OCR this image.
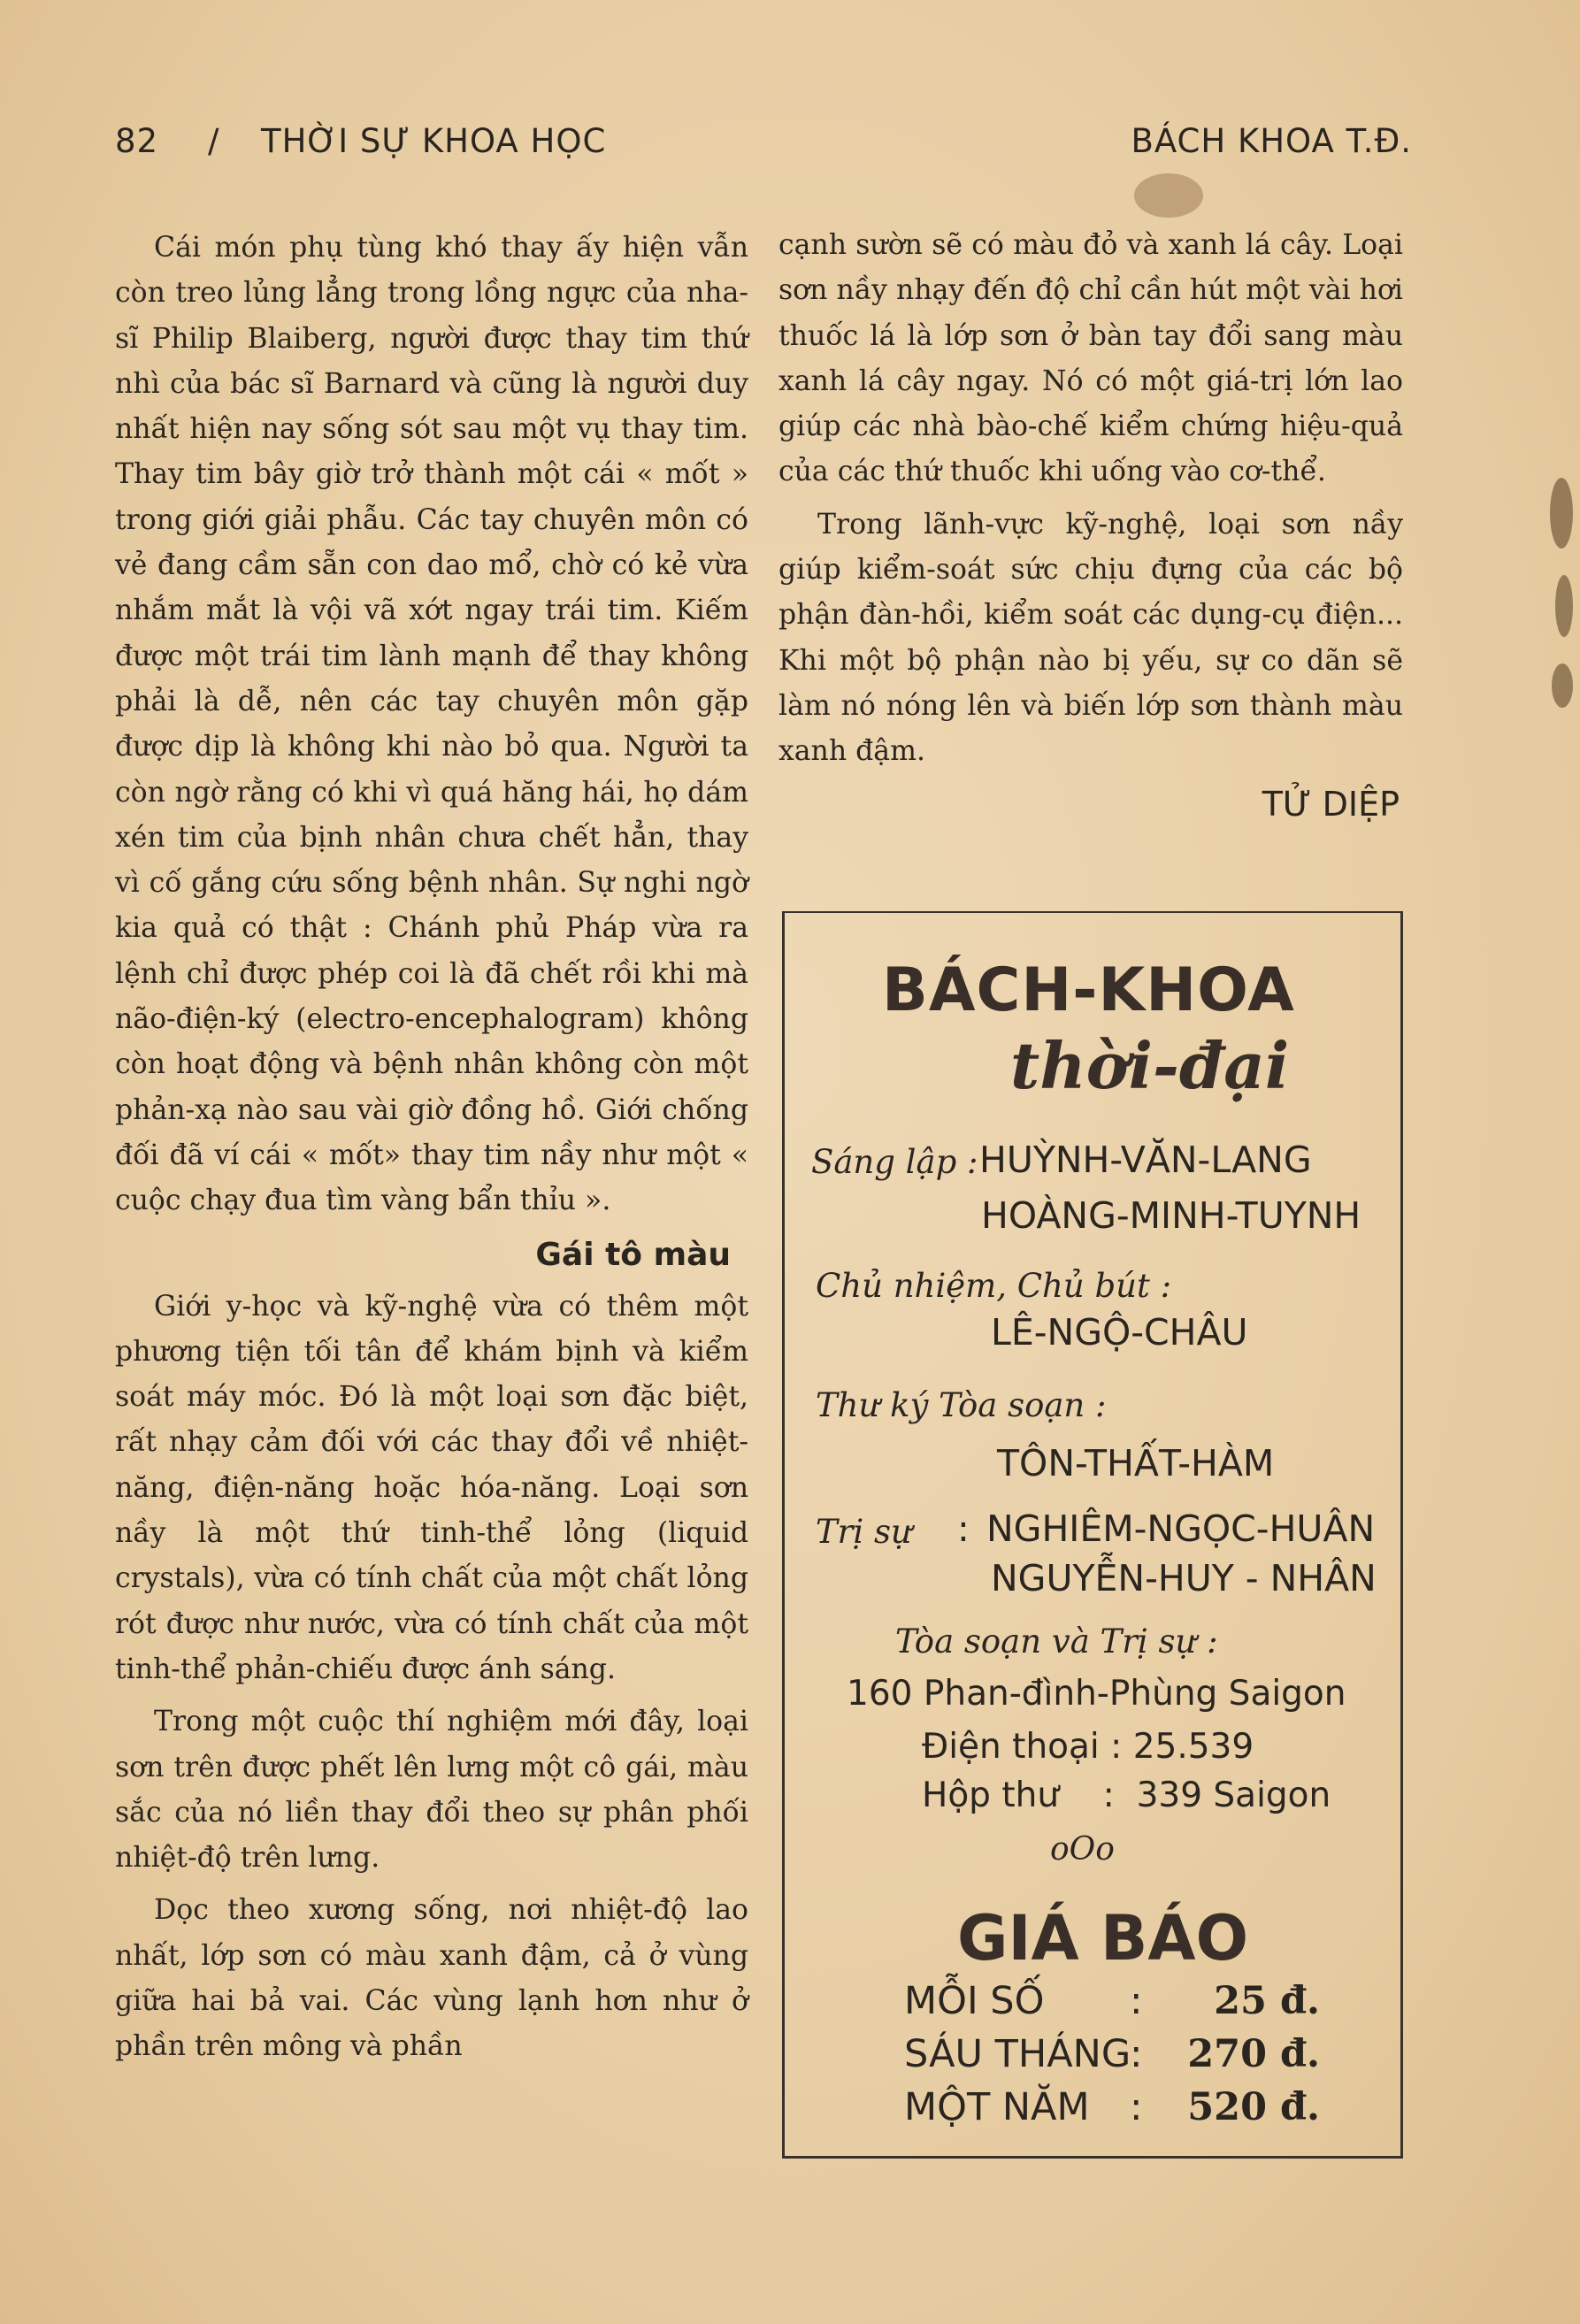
82 / THỜI SỰ KHOA HỌC	BÁCH KHOA T.Đ.

Cái món phụ tùng khó thay ấy hiện vẫn còn treo lủng lẳng trong lồng ngực của nha-sĩ Philip Blaiberg, người được thay tim thứ nhì của bác sĩ Barnard và cũng là người duy nhất hiện nay sống sót sau một vụ thay tim. Thay tim bây giờ trở thành một cái « mốt » trong giới giải phẫu. Các tay chuyên môn có vẻ đang cầm sẵn con dao mổ, chờ có kẻ vừa nhắm mắt là vội vã xớt ngay trái tim. Kiếm được một trái tim lành mạnh để thay không phải là dễ, nên các tay chuyên môn gặp được dịp là không khi nào bỏ qua. Người ta còn ngờ rằng có khi vì quá hăng hái, họ dám xén tim của bịnh nhân chưa chết hẳn, thay vì cố gắng cứu sống bệnh nhân. Sự nghi ngờ kia quả có thật : Chánh phủ Pháp vừa ra lệnh chỉ được phép coi là đã chết rồi khi mà não-điện-ký (electro-encephalogram) không còn hoạt động và bệnh nhân không còn một phản-xạ nào sau vài giờ đồng hồ. Giới chống đối đã ví cái « mốt» thay tim nầy như một « cuộc chạy đua tìm vàng bẩn thỉu ».

Gái tô màu

Giới y-học và kỹ-nghệ vừa có thêm một phương tiện tối tân để khám bịnh và kiểm soát máy móc. Đó là một loại sơn đặc biệt, rất nhạy cảm đối với các thay đổi về nhiệt-năng, điện-năng hoặc hóa-năng. Loại sơn nầy là một thứ tinh-thể lỏng (liquid crystals), vừa có tính chất của một chất lỏng rót được như nước, vừa có tính chất của một tinh-thể phản-chiếu được ánh sáng.

Trong một cuộc thí nghiệm mới đây, loại sơn trên được phết lên lưng một cô gái, màu sắc của nó liền thay đổi theo sự phân phối nhiệt-độ trên lưng.

Dọc theo xương sống, nơi nhiệt-độ lao nhất, lớp sơn có màu xanh đậm, cả ở vùng giữa hai bả vai. Các vùng lạnh hơn như ở phần trên mông và phần

cạnh sườn sẽ có màu đỏ và xanh lá cây. Loại sơn nầy nhạy đến độ chỉ cần hút một vài hơi thuốc lá là lớp sơn ở bàn tay đổi sang màu xanh lá cây ngay. Nó có một giá-trị lớn lao giúp các nhà bào-chế kiểm chứng hiệu-quả của các thứ thuốc khi uống vào cơ-thể.

Trong lãnh-vực kỹ-nghệ, loại sơn nầy giúp kiểm-soát sức chịu đựng của các bộ phận đàn-hồi, kiểm soát các dụng-cụ điện... Khi một bộ phận nào bị yếu, sự co dãn sẽ làm nó nóng lên và biến lớp sơn thành màu xanh đậm.

TỬ DIỆP
BÁCH-KHOA
thời-đại
Sáng lập : HUỲNH-VĂN-LANG
HOÀNG-MINH-TUYNH
Chủ nhiệm, Chủ bút :
LÊ-NGỘ-CHÂU
Thư ký Tòa soạn :
TÔN-THẤT-HÀM
Trị sự : NGHIÊM-NGỌC-HUÂN
NGUYỄN-HUY - NHÂN
Tòa soạn và Trị sự :
160 Phan-đình-Phùng Saigon
Điện thoại : 25.539
Hộp thư    :  339 Saigon
oOo
GIÁ BÁO
MỖI SỐ : 25 đ.
SÁU THÁNG
: 270 đ.
MỘT NĂM : 520 đ.
